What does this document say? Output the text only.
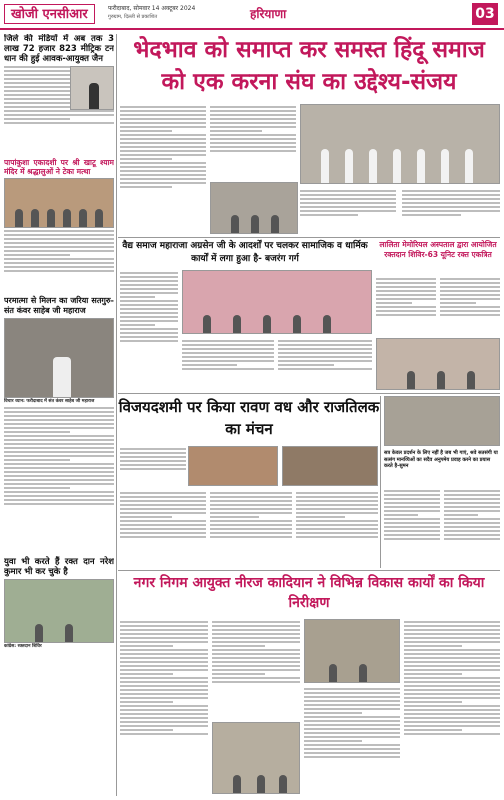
खोजी एनसीआर	फरीदाबाद, सोमवार 14 अक्टूबर 2024
गुरुग्राम, दिल्ली से प्रकाशित	हरियाणा	03
जिले की मंडियों में अब तक 3 लाख 72 हजार 823 मीट्रिक टन धान की हुई आवक-आयुक्त जैन
पापांकुशा एकादशी पर श्री खाटू श्याम मंदिर में श्रद्धालुओं ने टेका मत्था
परमात्मा से मिलन का जरिया सतगुरु-संत कंवर साहेब जी महाराज
विचार ध्यान: फरीदाबाद में संत कंवर साहेब जी महाराज
युवा भी करते हैं रक्त दान नरेश कुमार भी कर चुके है
कांग्रेस: रक्तदान शिविर
भेदभाव को समाप्त कर समस्त हिंदू समाज को एक करना संघ का उद्देश्य-संजय
वैद्य समाज महाराजा अग्रसेन जी के आदर्शों पर चलकर सामाजिक व धार्मिक कार्यों में लगा हुआ है- बजरंग गर्ग
लालिता मेमोरियल अस्पताल द्वारा आयोजित रक्तदान शिविर-63 यूनिट रक्त एकत्रित
विजयदशमी पर किया रावण वध और राजतिलक का मंचन
सत्र केवल प्रदर्शन के लिए नहीं है जब भी गाएं, श्रवे सतसंगी या सत्संग मानव्यिओं का सदैव अनुपमेय प्रवाह करने का प्रयास करते है-सुमन
नगर निगम आयुक्त नीरज कादियान ने विभिन्न विकास कार्यों का किया निरीक्षण
